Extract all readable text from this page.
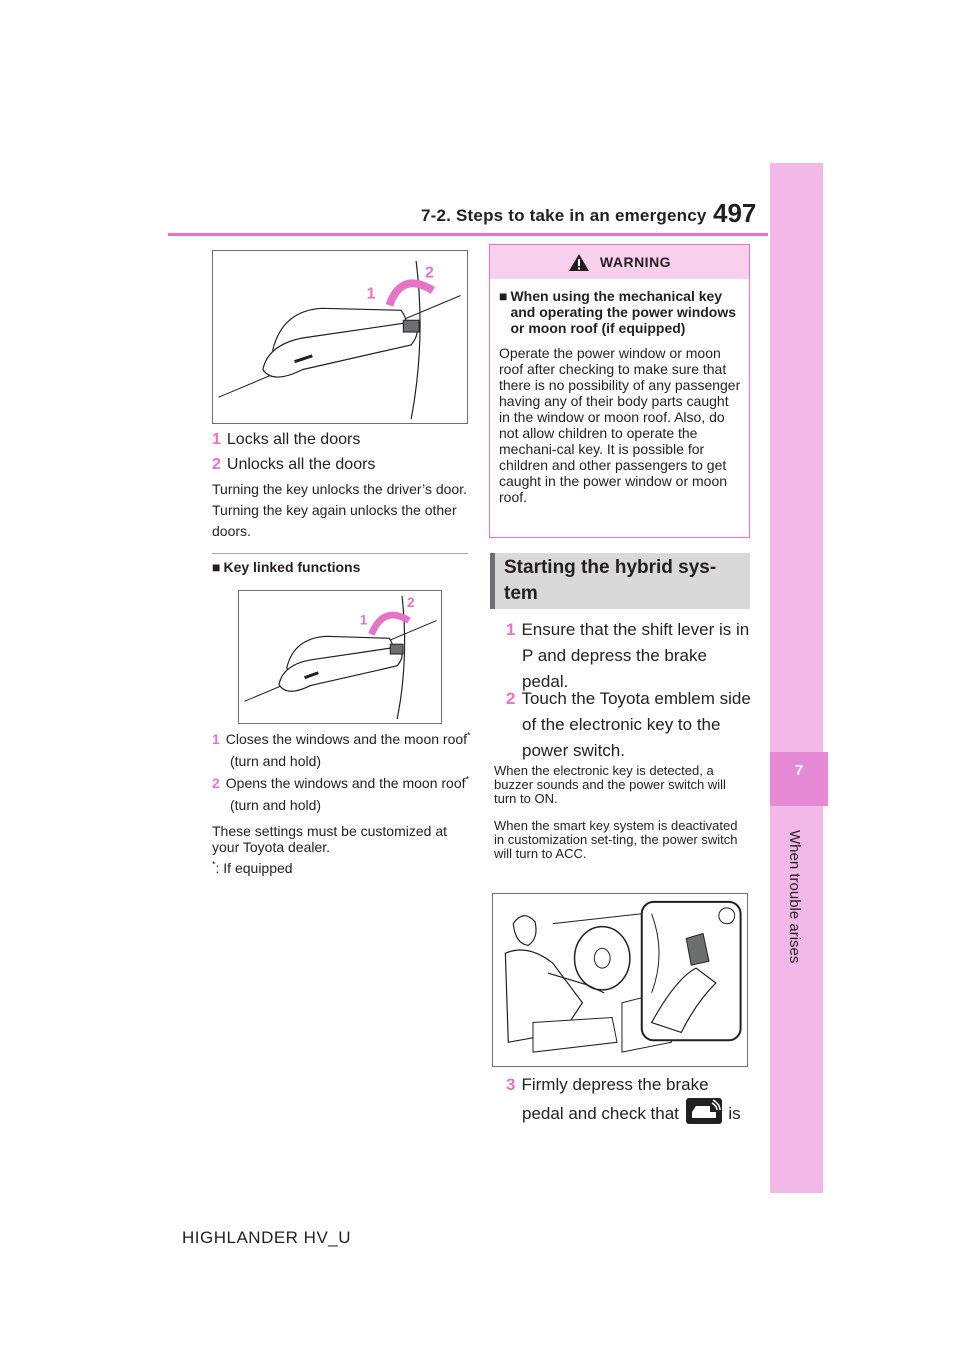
7-2. Steps to take in an emergency 497
7
When trouble arises
1
2
1 Locks all the doors
2 Unlocks all the doors
Turning the key unlocks the driver’s door. Turning the key again unlocks the other doors.
■ Key linked functions
1
2
1 Closes the windows and the moon roof* (turn and hold)
2 Opens the windows and the moon roof* (turn and hold)
These settings must be customized at your Toyota dealer.
*: If equipped
WARNING
■ When using the mechanical key and operating the power windows or moon roof (if equipped)
Operate the power window or moon roof after checking to make sure that there is no possibility of any passenger having any of their body parts caught in the window or moon roof. Also, do not allow children to operate the mechani-cal key. It is possible for children and other passengers to get caught in the power window or moon roof.
Starting the hybrid sys-tem
1 Ensure that the shift lever is in P and depress the brake pedal.
2 Touch the Toyota emblem side of the electronic key to the power switch.
When the electronic key is detected, a buzzer sounds and the power switch will turn to ON.
When the smart key system is deactivated in customization set-ting, the power switch will turn to ACC.
3 Firmly depress the brake pedal and check that	is
HIGHLANDER HV_U
